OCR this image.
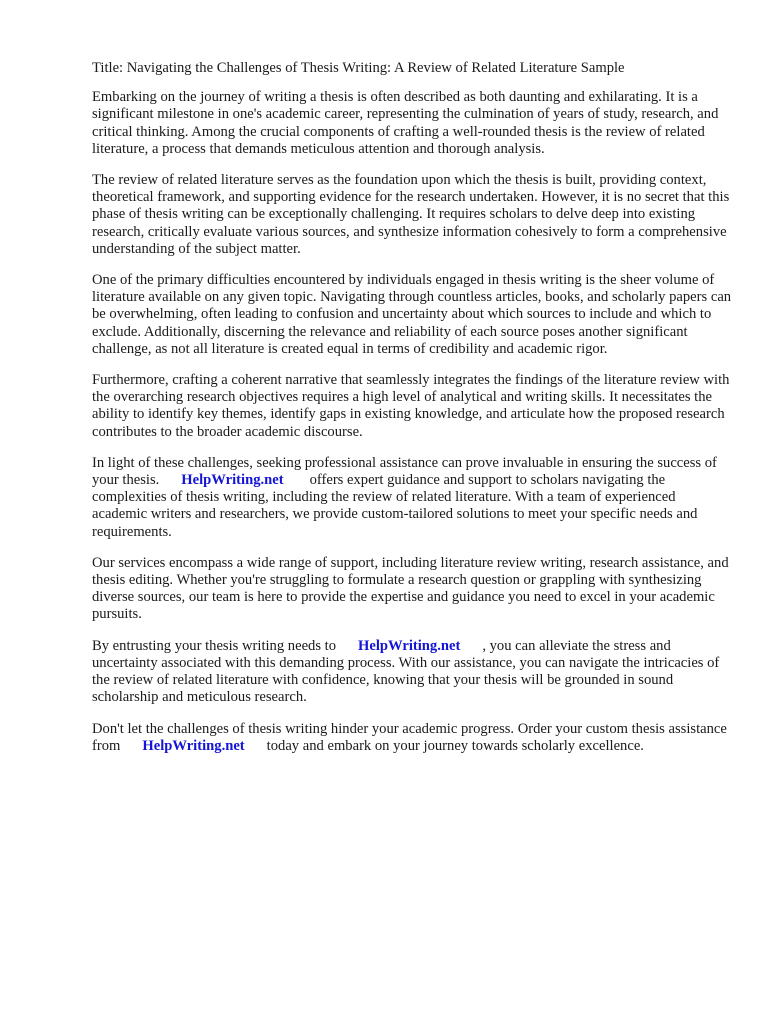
Title: Navigating the Challenges of Thesis Writing: A Review of Related Literature Sample

Embarking on the journey of writing a thesis is often described as both daunting and exhilarating. It is a significant milestone in one's academic career, representing the culmination of years of study, research, and critical thinking. Among the crucial components of crafting a well-rounded thesis is the review of related literature, a process that demands meticulous attention and thorough analysis.

The review of related literature serves as the foundation upon which the thesis is built, providing context, theoretical framework, and supporting evidence for the research undertaken. However, it is no secret that this phase of thesis writing can be exceptionally challenging. It requires scholars to delve deep into existing research, critically evaluate various sources, and synthesize information cohesively to form a comprehensive understanding of the subject matter.

One of the primary difficulties encountered by individuals engaged in thesis writing is the sheer volume of literature available on any given topic. Navigating through countless articles, books, and scholarly papers can be overwhelming, often leading to confusion and uncertainty about which sources to include and which to exclude. Additionally, discerning the relevance and reliability of each source poses another significant challenge, as not all literature is created equal in terms of credibility and academic rigor.

Furthermore, crafting a coherent narrative that seamlessly integrates the findings of the literature review with the overarching research objectives requires a high level of analytical and writing skills. It necessitates the ability to identify key themes, identify gaps in existing knowledge, and articulate how the proposed research contributes to the broader academic discourse.

In light of these challenges, seeking professional assistance can prove invaluable in ensuring the success of your thesis. HelpWriting.net offers expert guidance and support to scholars navigating the complexities of thesis writing, including the review of related literature. With a team of experienced academic writers and researchers, we provide custom-tailored solutions to meet your specific needs and requirements.

Our services encompass a wide range of support, including literature review writing, research assistance, and thesis editing. Whether you're struggling to formulate a research question or grappling with synthesizing diverse sources, our team is here to provide the expertise and guidance you need to excel in your academic pursuits.

By entrusting your thesis writing needs to HelpWriting.net , you can alleviate the stress and uncertainty associated with this demanding process. With our assistance, you can navigate the intricacies of the review of related literature with confidence, knowing that your thesis will be grounded in sound scholarship and meticulous research.

Don't let the challenges of thesis writing hinder your academic progress. Order your custom thesis assistance from HelpWriting.net today and embark on your journey towards scholarly excellence.
